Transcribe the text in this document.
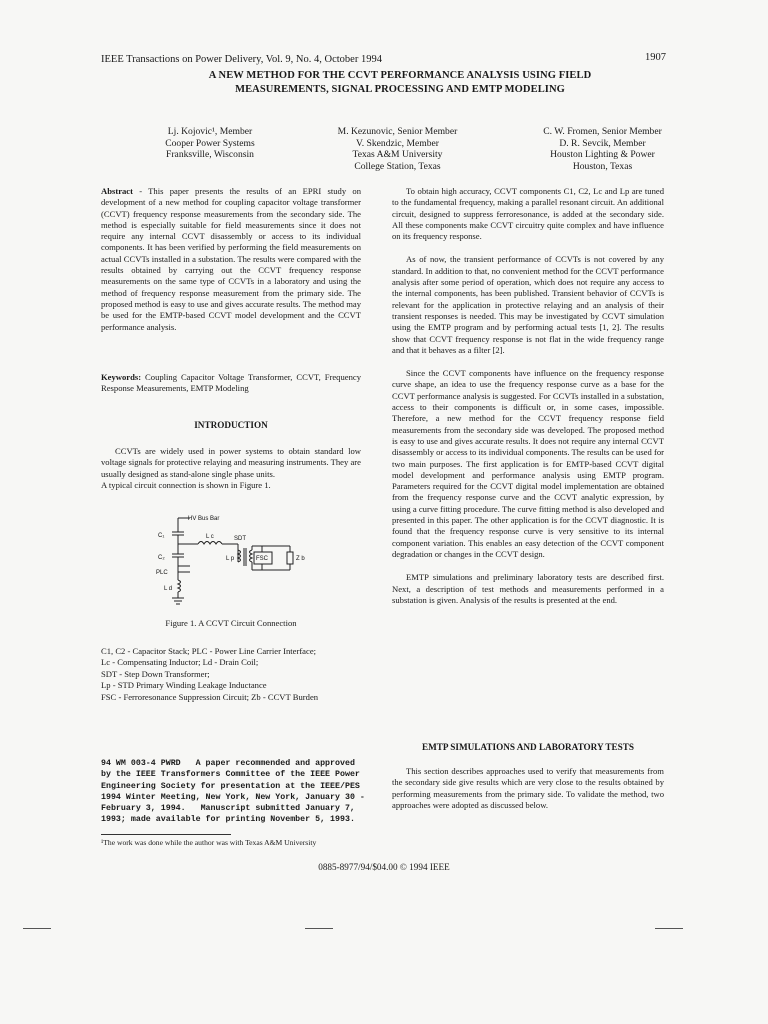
IEEE Transactions on Power Delivery, Vol. 9, No. 4, October 1994	1907
A NEW METHOD FOR THE CCVT PERFORMANCE ANALYSIS USING FIELD
MEASUREMENTS, SIGNAL PROCESSING AND EMTP MODELING
Lj. Kojovic¹, Member
Cooper Power Systems
Franksville, Wisconsin
M. Kezunovic, Senior Member
V. Skendzic, Member
Texas A&M University
College Station, Texas
C. W. Fromen, Senior Member
D. R. Sevcik, Member
Houston Lighting & Power
Houston, Texas

Abstract - This paper presents the results of an EPRI study on development of a new method for coupling capacitor voltage transformer (CCVT) frequency response measurements from the secondary side. The method is especially suitable for field measurements since it does not require any internal CCVT disassembly or access to its individual components. It has been verified by performing the field measurements on actual CCVTs installed in a substation. The results were compared with the results obtained by carrying out the CCVT frequency response measurements on the same type of CCVTs in a laboratory and using the method of frequency response measurement from the primary side. The proposed method is easy to use and gives accurate results. The method may be used for the EMTP-based CCVT model development and the CCVT performance analysis.

Keywords: Coupling Capacitor Voltage Transformer, CCVT, Frequency Response Measurements, EMTP Modeling

INTRODUCTION

CCVTs are widely used in power systems to obtain standard low voltage signals for protective relaying and measuring instruments. They are usually designed as stand-alone single phase units.

A typical circuit connection is shown in Figure 1.

HV Bus Bar
C₁	L c	SDT
C₂	L p	FSC	Z b
PLC
L d
Figure 1. A CCVT Circuit Connection
C1, C2 - Capacitor Stack; PLC - Power Line Carrier Interface;
Lc - Compensating Inductor; Ld - Drain Coil;
SDT - Step Down Transformer;
Lp - STD Primary Winding Leakage Inductance
FSC - Ferroresonance Suppression Circuit; Zb - CCVT Burden
94 WM 003-4 PWRD   A paper recommended and approved
by the IEEE Transformers Committee of the IEEE Power
Engineering Society for presentation at the IEEE/PES
1994 Winter Meeting, New York, New York, January 30 -
February 3, 1994.   Manuscript submitted January 7,
1993; made available for printing November 5, 1993.
¹The work was done while the author was with Texas A&M University
0885-8977/94/$04.00 © 1994 IEEE

To obtain high accuracy, CCVT components C1, C2, Lc and Lp are tuned to the fundamental frequency, making a parallel resonant circuit. An additional circuit, designed to suppress ferroresonance, is added at the secondary side. All these components make CCVT circuitry quite complex and have influence on its frequency response.

As of now, the transient performance of CCVTs is not covered by any standard. In addition to that, no convenient method for the CCVT performance analysis after some period of operation, which does not require any access to the internal components, has been published. Transient behavior of CCVTs is relevant for the application in protective relaying and an analysis of their transient responses is needed. This may be investigated by CCVT simulation using the EMTP program and by performing actual tests [1, 2]. The results show that CCVT frequency response is not flat in the wide frequency range and that it behaves as a filter [2].

Since the CCVT components have influence on the frequency response curve shape, an idea to use the frequency response curve as a base for the CCVT performance analysis is suggested. For CCVTs installed in a substation, access to their components is difficult or, in some cases, impossible. Therefore, a new method for the CCVT frequency response field measurements from the secondary side was developed. The proposed method is easy to use and gives accurate results. It does not require any internal CCVT disassembly or access to its individual components. The results can be used for two main purposes. The first application is for EMTP-based CCVT digital model development and performance analysis using EMTP program. Parameters required for the CCVT digital model implementation are obtained from the frequency response curve and the CCVT analytic expression, by using a curve fitting procedure. The curve fitting method is also developed and presented in this paper. The other application is for the CCVT diagnostic. It is found that the frequency response curve is very sensitive to its internal component variation. This enables an easy detection of the CCVT component degradation or changes in the CCVT design.

EMTP simulations and preliminary laboratory tests are described first. Next, a description of test methods and measurements performed in a substation is given. Analysis of the results is presented at the end.

EMTP SIMULATIONS AND LABORATORY TESTS

This section describes approaches used to verify that measurements from the secondary side give results which are very close to the results obtained by performing measurements from the primary side. To validate the method, two approaches were adopted as discussed below.
